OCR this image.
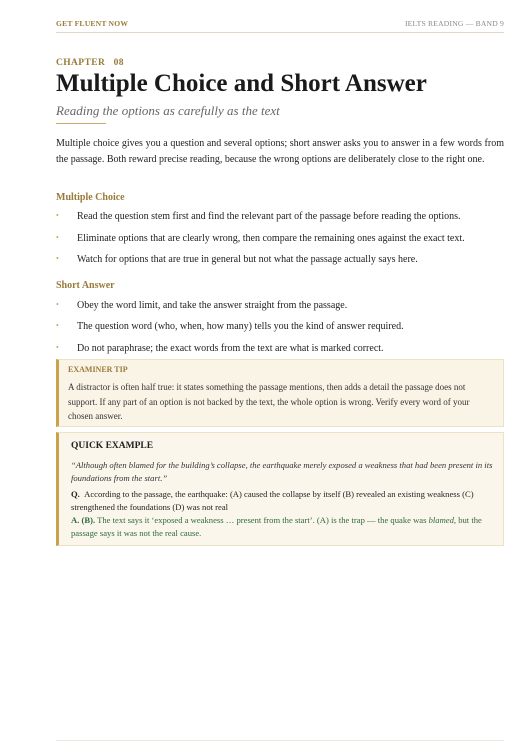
GET FLUENT NOW	IELTS READING — BAND 9
CHAPTER   08
Multiple Choice and Short Answer
Reading the options as carefully as the text

Multiple choice gives you a question and several options; short answer asks you to answer in a few words from the passage. Both reward precise reading, because the wrong options are deliberately close to the right one.

Multiple Choice
• Read the question stem first and find the relevant part of the passage before reading the options.
• Eliminate options that are clearly wrong, then compare the remaining ones against the exact text.
• Watch for options that are true in general but not what the passage actually says here.
Short Answer
• Obey the word limit, and take the answer straight from the passage.
• The question word (who, when, how many) tells you the kind of answer required.
• Do not paraphrase; the exact words from the text are what is marked correct.
EXAMINER TIP

A distractor is often half true: it states something the passage mentions, then adds a detail the passage does not support. If any part of an option is not backed by the text, the whole option is wrong. Verify every word of your chosen answer.

QUICK EXAMPLE

“Although often blamed for the building’s collapse, the earthquake merely exposed a weakness that had been present in its foundations from the start.”

Q. According to the passage, the earthquake: (A) caused the collapse by itself (B) revealed an existing weakness (C) strengthened the foundations (D) was not real

A. (B). The text says it ‘exposed a weakness … present from the start’. (A) is the trap — the quake was blamed, but the passage says it was not the real cause.
